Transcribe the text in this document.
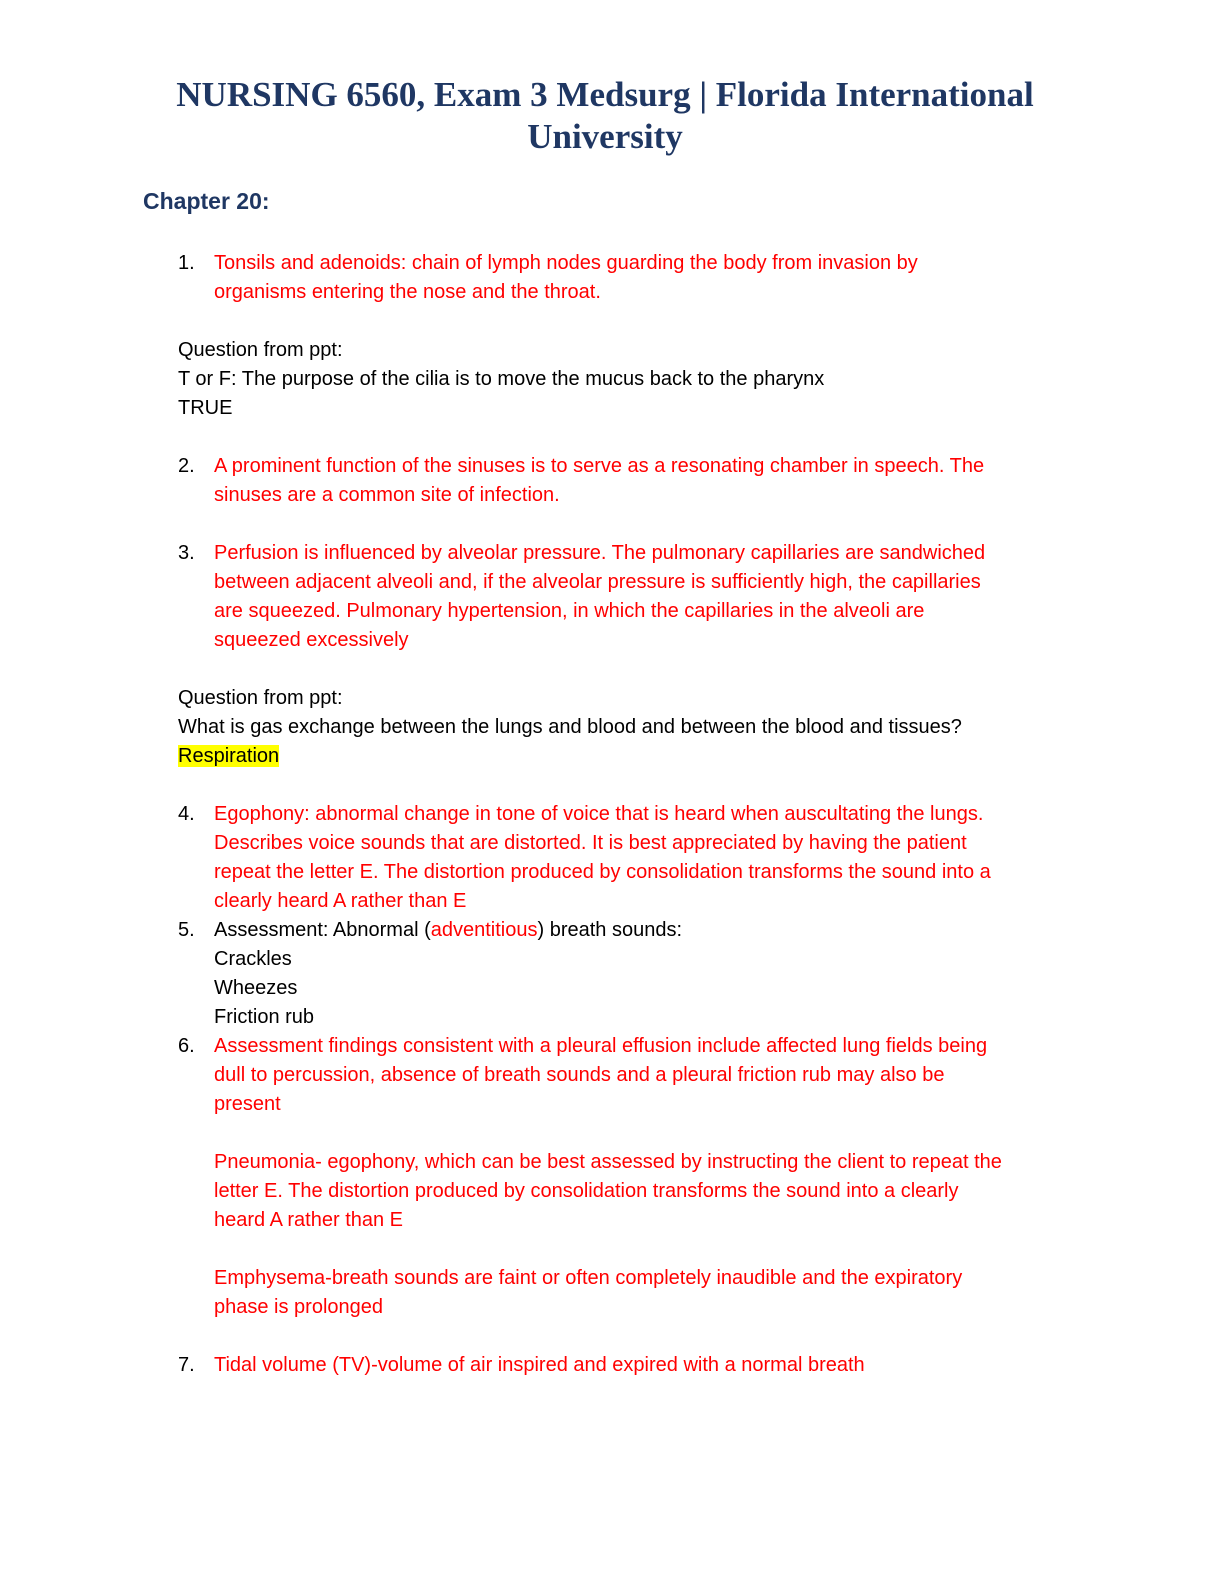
NURSING 6560, Exam 3 Medsurg | Florida International University
Chapter 20:
1. Tonsils and adenoids: chain of lymph nodes guarding the body from invasion by
organisms entering the nose and the throat.
Question from ppt:
T or F: The purpose of the cilia is to move the mucus back to the pharynx
TRUE
2. A prominent function of the sinuses is to serve as a resonating chamber in speech. The
sinuses are a common site of infection.
3. Perfusion is influenced by alveolar pressure. The pulmonary capillaries are sandwiched
between adjacent alveoli and, if the alveolar pressure is sufficiently high, the capillaries
are squeezed. Pulmonary hypertension, in which the capillaries in the alveoli are
squeezed excessively
Question from ppt:
What is gas exchange between the lungs and blood and between the blood and tissues?
Respiration
4. Egophony: abnormal change in tone of voice that is heard when auscultating the lungs.
Describes voice sounds that are distorted. It is best appreciated by having the patient
repeat the letter E. The distortion produced by consolidation transforms the sound into a
clearly heard A rather than E
5. Assessment: Abnormal (adventitious) breath sounds:
Crackles
Wheezes
Friction rub
6. Assessment findings consistent with a pleural effusion include affected lung fields being
dull to percussion, absence of breath sounds and a pleural friction rub may also be
present
Pneumonia- egophony, which can be best assessed by instructing the client to repeat the
letter E. The distortion produced by consolidation transforms the sound into a clearly
heard A rather than E
Emphysema-breath sounds are faint or often completely inaudible and the expiratory
phase is prolonged
7. Tidal volume (TV)-volume of air inspired and expired with a normal breath
